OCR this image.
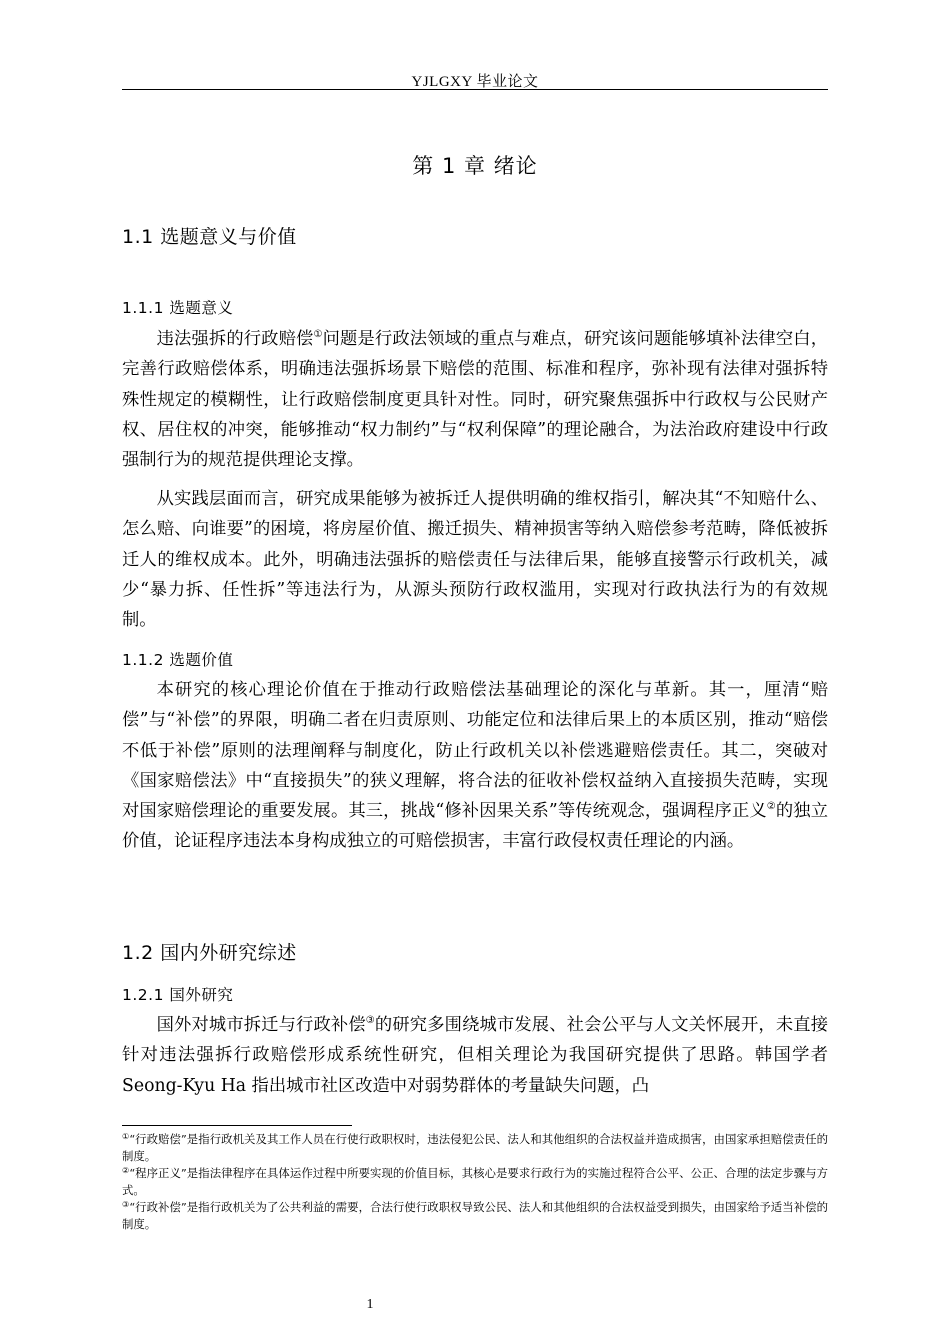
YJLGXY 毕业论文
第 1 章 绪论
1.1 选题意义与价值
1.1.1 选题意义

违法强拆的行政赔偿①问题是行政法领域的重点与难点，研究该问题能够填补法律空白，完善行政赔偿体系，明确违法强拆场景下赔偿的范围、标准和程序，弥补现有法律对强拆特殊性规定的模糊性，让行政赔偿制度更具针对性。同时，研究聚焦强拆中行政权与公民财产权、居住权的冲突，能够推动“权力制约”与“权利保障”的理论融合，为法治政府建设中行政强制行为的规范提供理论支撑。

从实践层面而言，研究成果能够为被拆迁人提供明确的维权指引，解决其“不知赔什么、怎么赔、向谁要”的困境，将房屋价值、搬迁损失、精神损害等纳入赔偿参考范畴，降低被拆迁人的维权成本。此外，明确违法强拆的赔偿责任与法律后果，能够直接警示行政机关，减少“暴力拆、任性拆”等违法行为，从源头预防行政权滥用，实现对行政执法行为的有效规制。

1.1.2 选题价值

本研究的核心理论价值在于推动行政赔偿法基础理论的深化与革新。其一，厘清“赔偿”与“补偿”的界限，明确二者在归责原则、功能定位和法律后果上的本质区别，推动“赔偿不低于补偿”原则的法理阐释与制度化，防止行政机关以补偿逃避赔偿责任。其二，突破对《国家赔偿法》中“直接损失”的狭义理解，将合法的征收补偿权益纳入直接损失范畴，实现对国家赔偿理论的重要发展。其三，挑战“修补因果关系”等传统观念，强调程序正义②的独立价值，论证程序违法本身构成独立的可赔偿损害，丰富行政侵权责任理论的内涵。

1.2 国内外研究综述
1.2.1 国外研究

国外对城市拆迁与行政补偿③的研究多围绕城市发展、社会公平与人文关怀展开，未直接针对违法强拆行政赔偿形成系统性研究，但相关理论为我国研究提供了思路。韩国学者 Seong-Kyu Ha 指出城市社区改造中对弱势群体的考量缺失问题，凸

①“行政赔偿”是指行政机关及其工作人员在行使行政职权时，违法侵犯公民、法人和其他组织的合法权益并造成损害，由国家承担赔偿责任的制度。

②“程序正义”是指法律程序在具体运作过程中所要实现的价值目标，其核心是要求行政行为的实施过程符合公平、公正、合理的法定步骤与方式。

③“行政补偿”是指行政机关为了公共利益的需要，合法行使行政职权导致公民、法人和其他组织的合法权益受到损失，由国家给予适当补偿的制度。

1
